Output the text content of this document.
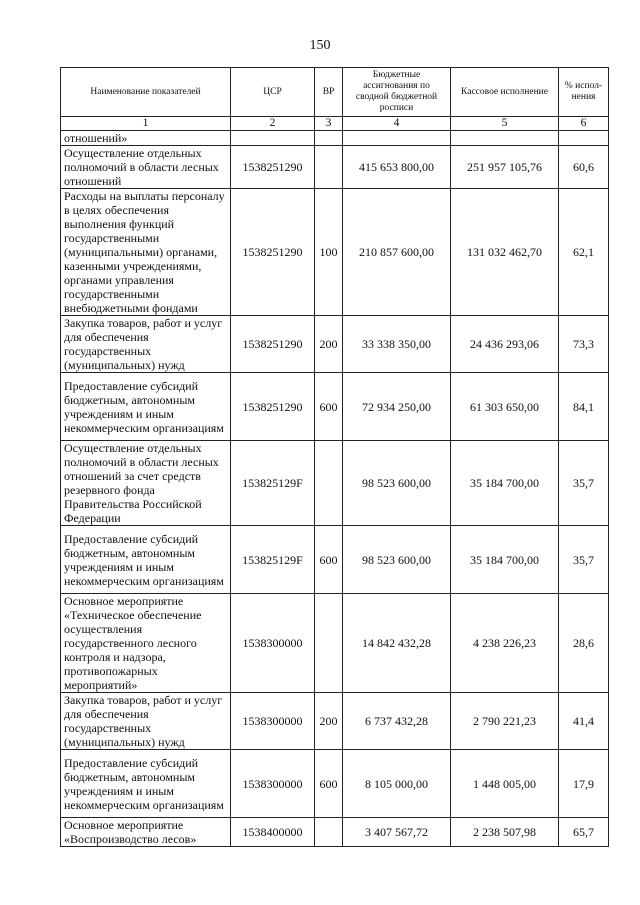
150
Наименование показателей	ЦСР	ВР	Бюджетные ассигнования по сводной бюджетной росписи	Кассовое исполнение	% испол-нения
1	2	3	4	5	6
отношений»					
Осуществление отдельных полномочий в области лесных отношений	1538251290		415 653 800,00	251 957 105,76	60,6
Расходы на выплаты персоналу в целях обеспечения выполнения функций государственными (муниципальными) органами, казенными учреждениями, органами управления государственными внебюджетными фондами	1538251290	100	210 857 600,00	131 032 462,70	62,1
Закупка товаров, работ и услуг для обеспечения государственных (муниципальных) нужд	1538251290	200	33 338 350,00	24 436 293,06	73,3
Предоставление субсидий бюджетным, автономным учреждениям и иным некоммерческим организациям	1538251290	600	72 934 250,00	61 303 650,00	84,1
Осуществление отдельных полномочий в области лесных отношений за счет средств резервного фонда Правительства Российской Федерации	153825129F		98 523 600,00	35 184 700,00	35,7
Предоставление субсидий бюджетным, автономным учреждениям и иным некоммерческим организациям	153825129F	600	98 523 600,00	35 184 700,00	35,7
Основное мероприятие «Техническое обеспечение осуществления государственного лесного контроля и надзора, противопожарных мероприятий»	1538300000		14 842 432,28	4 238 226,23	28,6
Закупка товаров, работ и услуг для обеспечения государственных (муниципальных) нужд	1538300000	200	6 737 432,28	2 790 221,23	41,4
Предоставление субсидий бюджетным, автономным учреждениям и иным некоммерческим организациям	1538300000	600	8 105 000,00	1 448 005,00	17,9
Основное мероприятие «Воспроизводство лесов»	1538400000		3 407 567,72	2 238 507,98	65,7
